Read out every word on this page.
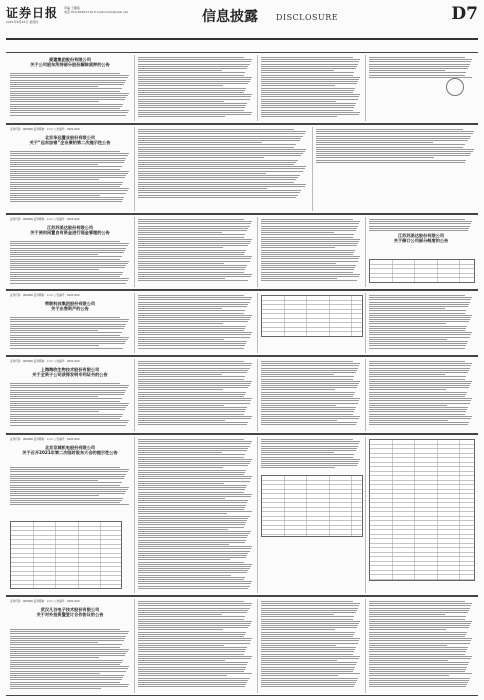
证券日报
2021年8月26日 星期四
责编 王鹏程
电话 010-83251716 E-mail:zmzx@zqrb.net	信息披露 DISCLOSURE	D7
爱建集团股份有限公司
关于公司股东所持部分股份解除质押的公告
证券代码：000000 证券简称：××× 公告编号：2021-000
北京华远置业股份有限公司
关于“远东加银”企业债的第二次提示性公告
证券代码：000000 证券简称：××× 公告编号：2021-000
江苏苏美达股份有限公司
关于使用闲置自有资金进行现金管理的公告
江苏苏美达股份有限公司
关于修订公司部分制度的公告
证券代码：000000 证券简称：××× 公告编号：2021-000
荣联科技集团股份有限公司
关于出售资产的公告
证券代码：000000 证券简称：××× 公告编号：2021-000
上海海欣生物技术股份有限公司
关于全资子公司获得发明专利证书的公告
证券代码：000000 证券简称：××× 公告编号：2021-000
北京京城机电股份有限公司
关于召开2021年第二次临时股东大会的提示性公告
证券代码：000000 证券简称：××× 公告编号：2021-000
武汉凡谷电子技术股份有限公司
关于对外投资暨签订合作协议的公告
